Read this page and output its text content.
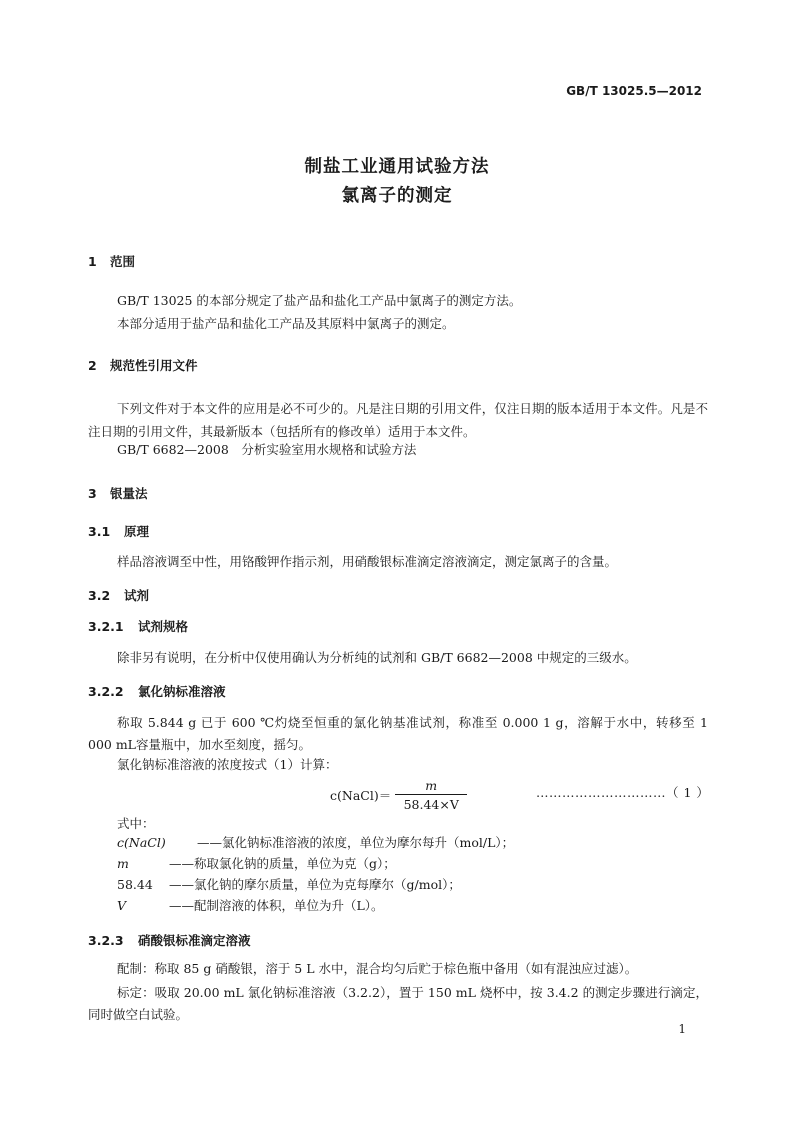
GB/T 13025.5—2012
制盐工业通用试验方法
氯离子的测定
1 范围
GB/T 13025 的本部分规定了盐产品和盐化工产品中氯离子的测定方法。
本部分适用于盐产品和盐化工产品及其原料中氯离子的测定。
2 规范性引用文件
下列文件对于本文件的应用是必不可少的。凡是注日期的引用文件，仅注日期的版本适用于本文件。凡是不注日期的引用文件，其最新版本（包括所有的修改单）适用于本文件。
GB/T 6682—2008　分析实验室用水规格和试验方法
3 银量法
3.1 原理
样品溶液调至中性，用铬酸钾作指示剂，用硝酸银标准滴定溶液滴定，测定氯离子的含量。
3.2 试剂
3.2.1 试剂规格
除非另有说明，在分析中仅使用确认为分析纯的试剂和 GB/T 6682—2008 中规定的三级水。
3.2.2 氯化钠标准溶液
称取 5.844 g 已于 600 ℃灼烧至恒重的氯化钠基准试剂，称准至 0.000 1 g，溶解于水中，转移至 1 000 mL容量瓶中，加水至刻度，摇匀。
氯化钠标准溶液的浓度按式（1）计算：
c(NaCl)＝ $\frac{m}{58.44\times V}$	…………………………（ 1 ）
式中：
c(NaCl)	——氯化钠标准溶液的浓度，单位为摩尔每升（mol/L）；
m	——称取氯化钠的质量，单位为克（g）；
58.44 ——氯化钠的摩尔质量，单位为克每摩尔（g/mol）；
V	——配制溶液的体积，单位为升（L）。
3.2.3 硝酸银标准滴定溶液
配制：称取 85 g 硝酸银，溶于 5 L 水中，混合均匀后贮于棕色瓶中备用（如有混浊应过滤）。
标定：吸取 20.00 mL 氯化钠标准溶液（3.2.2），置于 150 mL 烧杯中，按 3.4.2 的测定步骤进行滴定，同时做空白试验。
1
